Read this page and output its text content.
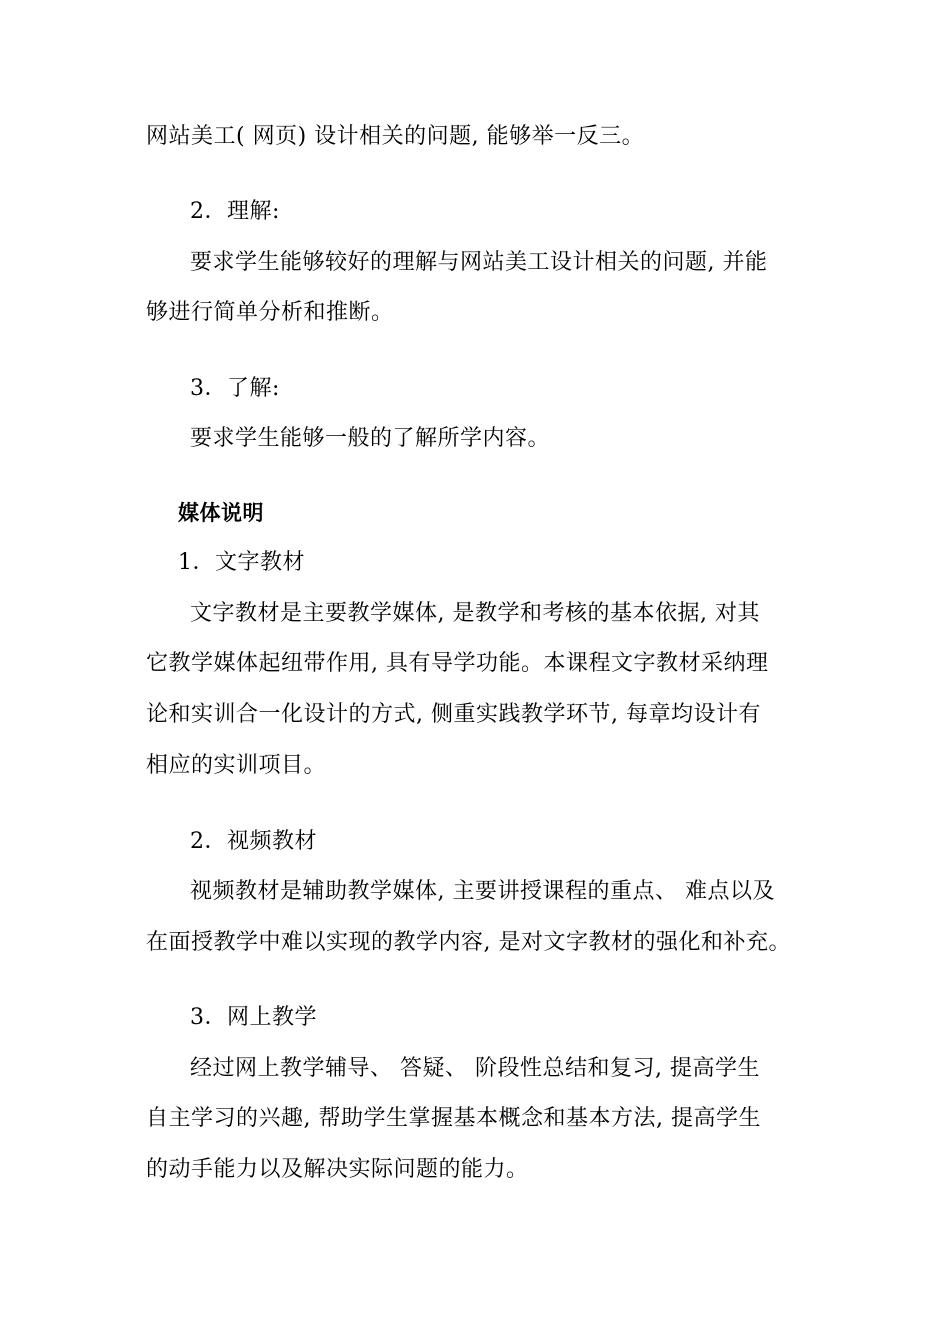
网站美工( 网页) 设计相关的问题, 能够举一反三。
2．理解:
要求学生能够较好的理解与网站美工设计相关的问题, 并能
够进行简单分析和推断。
3．了解:
要求学生能够一般的了解所学内容。
媒体说明
1．文字教材
文字教材是主要教学媒体, 是教学和考核的基本依据, 对其
它教学媒体起纽带作用, 具有导学功能。本课程文字教材采纳理
论和实训合一化设计的方式, 侧重实践教学环节, 每章均设计有
相应的实训项目。
2．视频教材
视频教材是辅助教学媒体, 主要讲授课程的重点、 难点以及
在面授教学中难以实现的教学内容, 是对文字教材的强化和补充。
3．网上教学
经过网上教学辅导、 答疑、 阶段性总结和复习, 提高学生
自主学习的兴趣, 帮助学生掌握基本概念和基本方法, 提高学生
的动手能力以及解决实际问题的能力。
